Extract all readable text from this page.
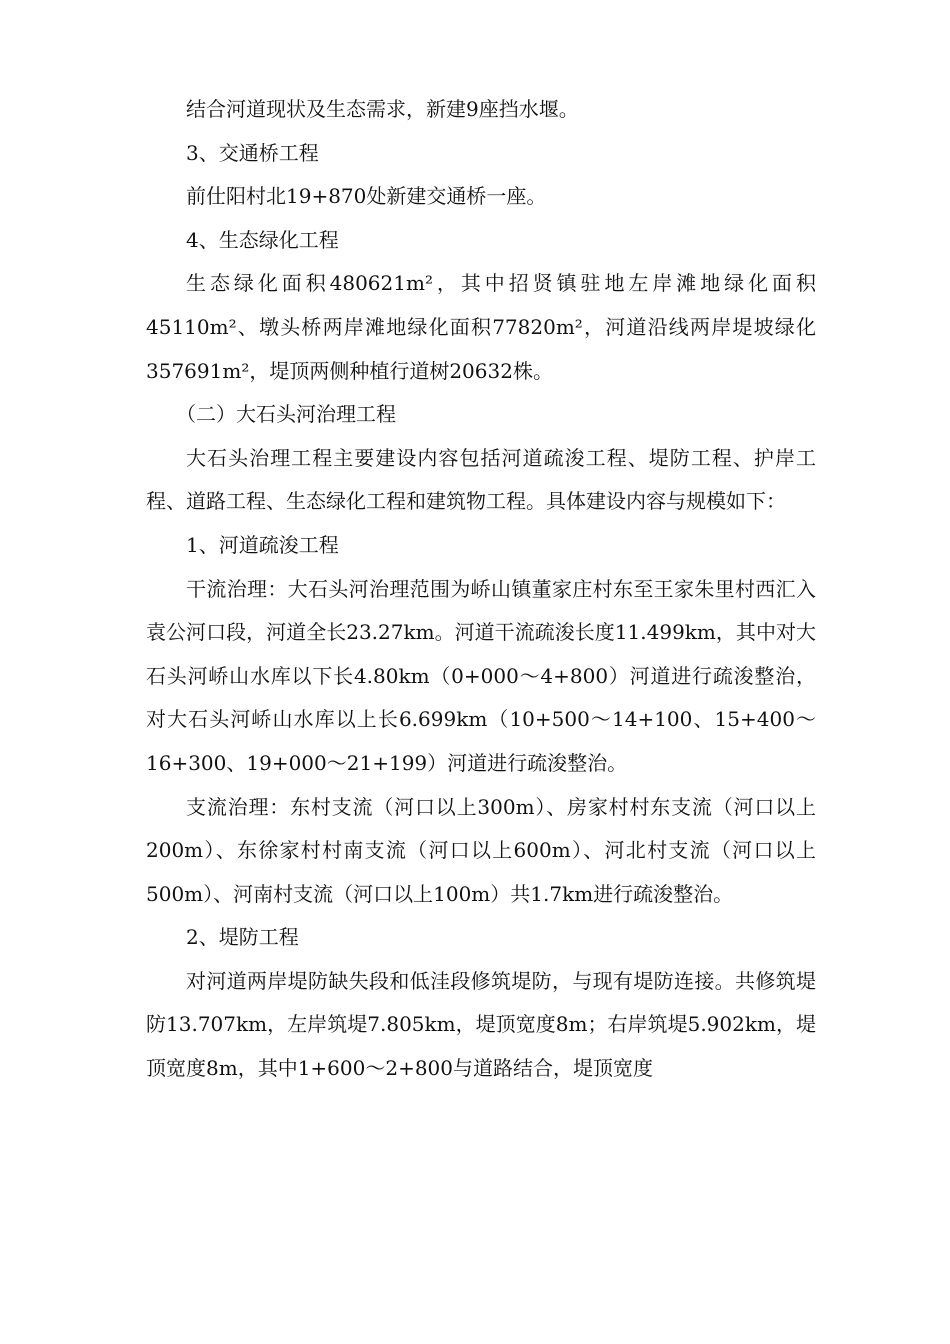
结合河道现状及生态需求，新建9座挡水堰。

3、交通桥工程

前仕阳村北19+870处新建交通桥一座。

4、生态绿化工程

生态绿化面积480621m²，其中招贤镇驻地左岸滩地绿化面积45110m²、墩头桥两岸滩地绿化面积77820m²，河道沿线两岸堤坡绿化357691m²，堤顶两侧种植行道树20632株。

（二）大石头河治理工程

大石头治理工程主要建设内容包括河道疏浚工程、堤防工程、护岸工程、道路工程、生态绿化工程和建筑物工程。具体建设内容与规模如下：

1、河道疏浚工程

干流治理：大石头河治理范围为峤山镇董家庄村东至王家朱里村西汇入袁公河口段，河道全长23.27km。河道干流疏浚长度11.499km，其中对大石头河峤山水库以下长4.80km（0+000～4+800）河道进行疏浚整治，对大石头河峤山水库以上长6.699km（10+500～14+100、15+400～16+300、19+000～21+199）河道进行疏浚整治。

支流治理：东村支流（河口以上300m）、房家村村东支流（河口以上200m）、东徐家村村南支流（河口以上600m）、河北村支流（河口以上500m）、河南村支流（河口以上100m）共1.7km进行疏浚整治。

2、堤防工程

对河道两岸堤防缺失段和低洼段修筑堤防，与现有堤防连接。共修筑堤防13.707km，左岸筑堤7.805km，堤顶宽度8m；右岸筑堤5.902km，堤顶宽度8m，其中1+600～2+800与道路结合，堤顶宽度
